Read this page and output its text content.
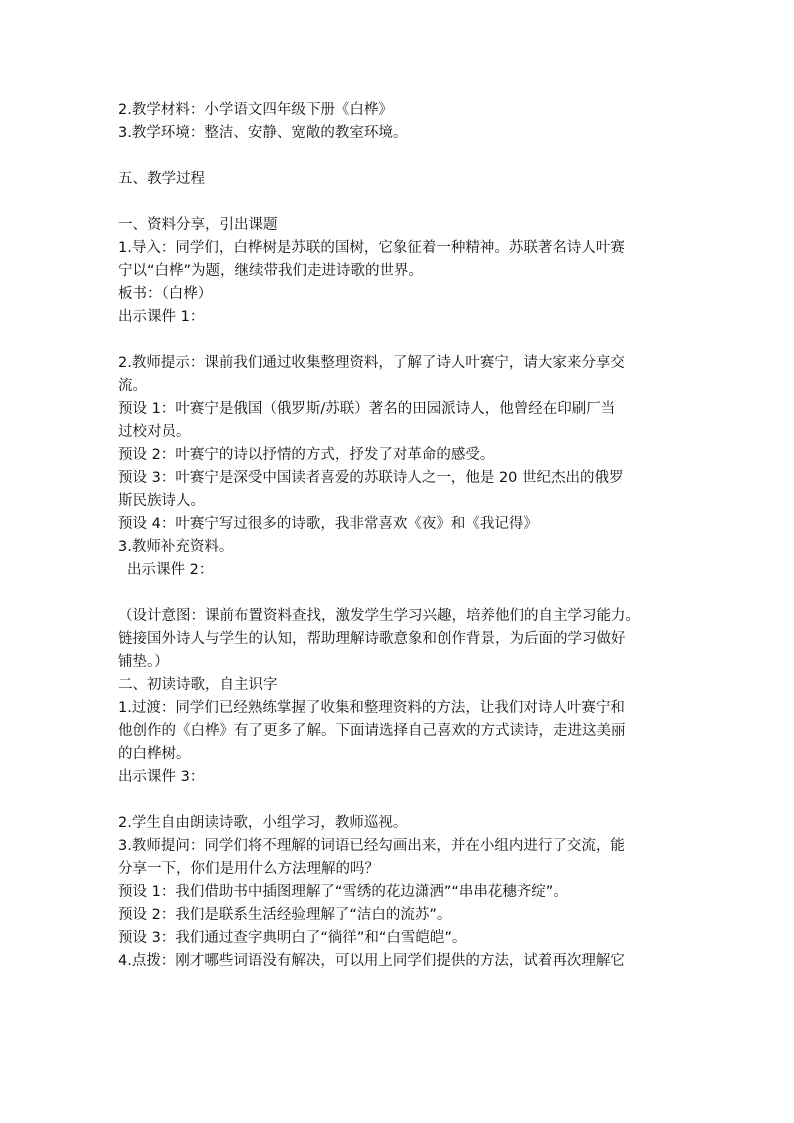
2.教学材料：小学语文四年级下册《白桦》
3.教学环境：整洁、安静、宽敞的教室环境。
五、教学过程
一、资料分享，引出课题
1.导入：同学们，白桦树是苏联的国树，它象征着一种精神。苏联著名诗人叶赛
宁以“白桦”为题，继续带我们走进诗歌的世界。
板书：（白桦）
出示课件 1：
2.教师提示：课前我们通过收集整理资料，了解了诗人叶赛宁，请大家来分享交
流。
预设 1：叶赛宁是俄国（俄罗斯/苏联）著名的田园派诗人，他曾经在印刷厂当
过校对员。
预设 2：叶赛宁的诗以抒情的方式，抒发了对革命的感受。
预设 3：叶赛宁是深受中国读者喜爱的苏联诗人之一，他是 20 世纪杰出的俄罗
斯民族诗人。
预设 4：叶赛宁写过很多的诗歌，我非常喜欢《夜》和《我记得》
3.教师补充资料。
出示课件 2：
（设计意图：课前布置资料查找，激发学生学习兴趣，培养他们的自主学习能力。
链接国外诗人与学生的认知，帮助理解诗歌意象和创作背景，为后面的学习做好
铺垫。）
二、初读诗歌，自主识字
1.过渡：同学们已经熟练掌握了收集和整理资料的方法，让我们对诗人叶赛宁和
他创作的《白桦》有了更多了解。下面请选择自己喜欢的方式读诗，走进这美丽
的白桦树。
出示课件 3：
2.学生自由朗读诗歌，小组学习，教师巡视。
3.教师提问：同学们将不理解的词语已经勾画出来，并在小组内进行了交流，能
分享一下，你们是用什么方法理解的吗？
预设 1：我们借助书中插图理解了“雪绣的花边潇洒”“串串花穗齐绽”。
预设 2：我们是联系生活经验理解了“洁白的流苏”。
预设 3：我们通过查字典明白了“徜徉”和“白雪皑皑”。
4.点拨：刚才哪些词语没有解决，可以用上同学们提供的方法，试着再次理解它
